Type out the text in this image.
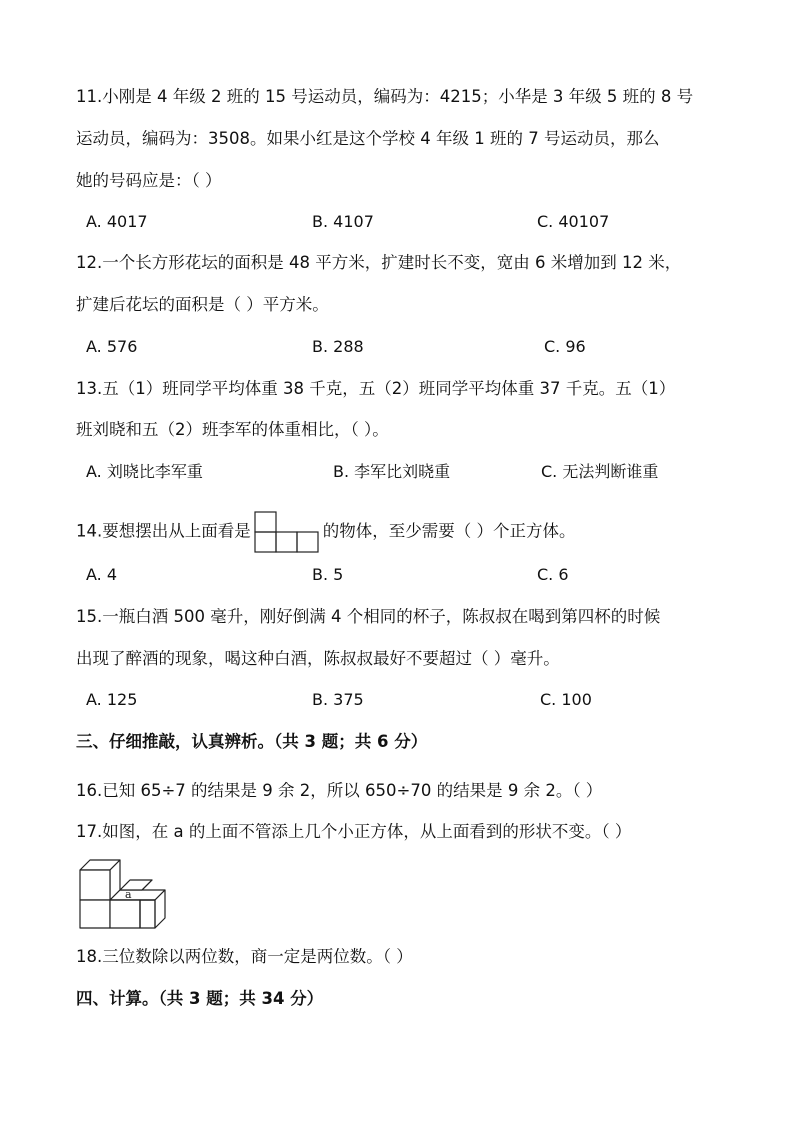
11.小刚是 4 年级 2 班的 15 号运动员，编码为：4215；小华是 3 年级 5 班的 8 号
运动员，编码为：3508。如果小红是这个学校 4 年级 1 班的 7 号运动员，那么
她的号码应是：（ ）
A. 4017	B. 4107	C. 40107
12.一个长方形花坛的面积是 48 平方米，扩建时长不变，宽由 6 米增加到 12 米，
扩建后花坛的面积是（ ）平方米。
A. 576	B. 288	C. 96
13.五（1）班同学平均体重 38 千克，五（2）班同学平均体重 37 千克。五（1）
班刘晓和五（2）班李军的体重相比，（ ）。
A. 刘晓比李军重	B. 李军比刘晓重	C. 无法判断谁重
14.要想摆出从上面看是	的物体，至少需要（ ）个正方体。
A. 4	B. 5	C. 6
15.一瓶白酒 500 毫升，刚好倒满 4 个相同的杯子，陈叔叔在喝到第四杯的时候
出现了醉酒的现象，喝这种白酒，陈叔叔最好不要超过（ ）毫升。
A. 125	B. 375	C. 100
三、仔细推敲，认真辨析。（共 3 题；共 6 分）
16.已知 65÷7 的结果是 9 余 2，所以 650÷70 的结果是 9 余 2。（ ）
17.如图，在 a 的上面不管添上几个小正方体，从上面看到的形状不变。（ ）
a
18.三位数除以两位数，商一定是两位数。（ ）
四、计算。（共 3 题；共 34 分）
